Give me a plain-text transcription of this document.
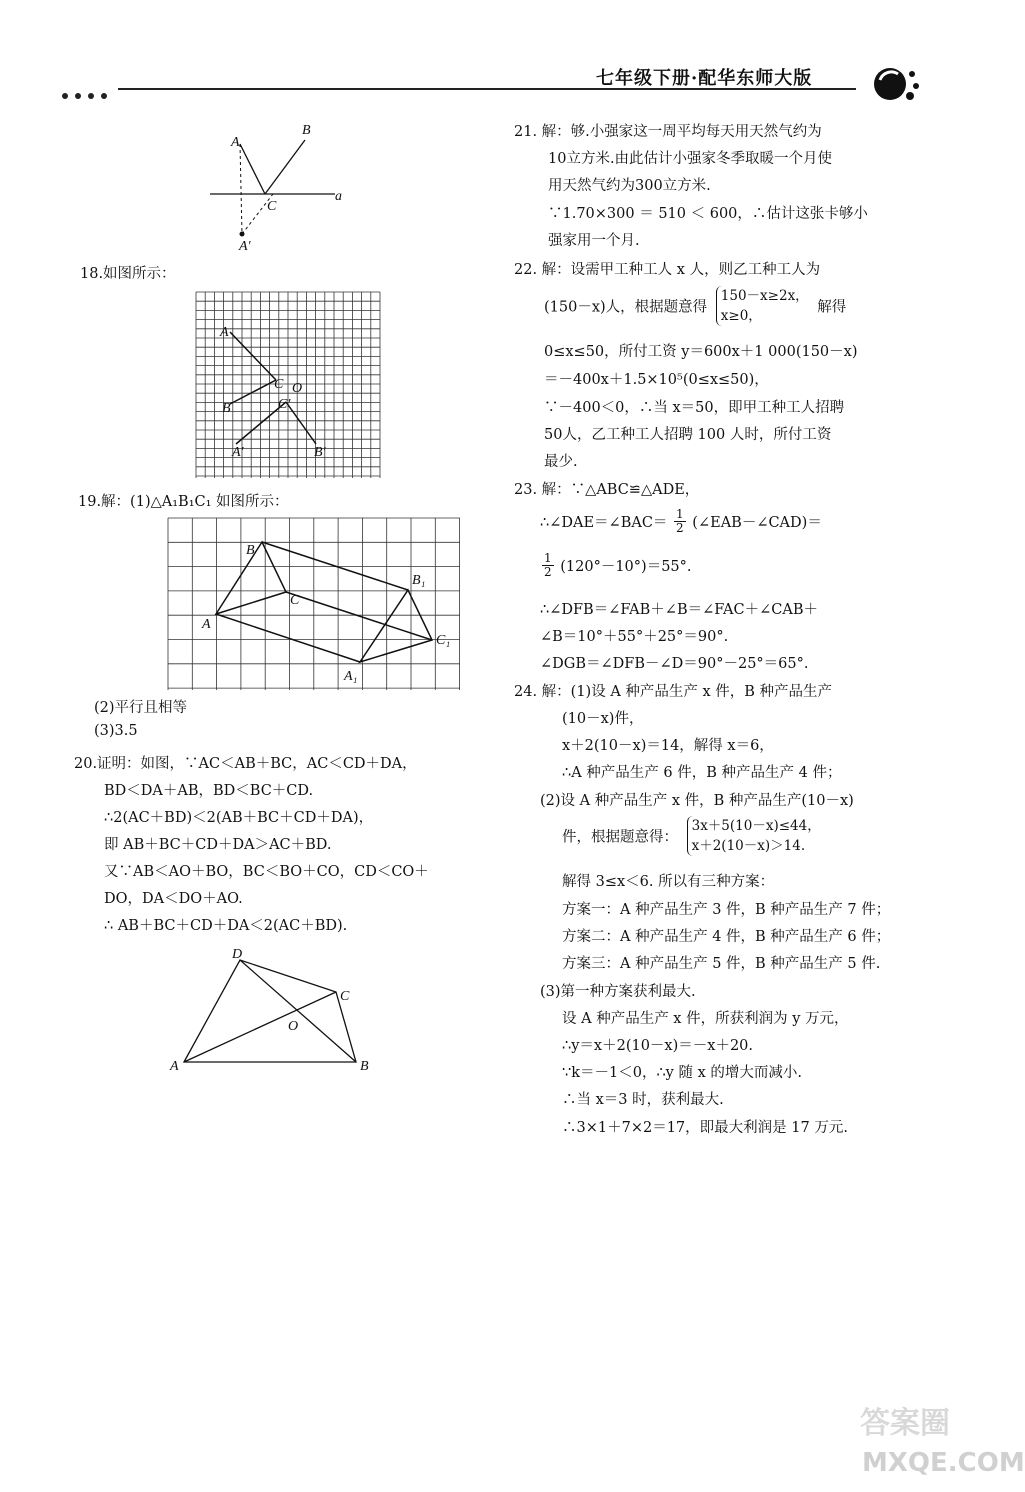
七年级下册·配华东师大版
A
B
C
A′
a
18.如图所示：
A
B
C O
C′
A′	B′
19.解：(1)△A₁B₁C₁ 如图所示：
A
B
C
A₁
B₁
C₁
(2)平行且相等
(3)3.5
20.证明：如图，∵AC＜AB＋BC，AC＜CD＋DA，
BD＜DA＋AB，BD＜BC＋CD.
∴2(AC＋BD)＜2(AB＋BC＋CD＋DA)，
即 AB＋BC＋CD＋DA＞AC＋BD.
又∵AB＜AO＋BO，BC＜BO＋CO，CD＜CO＋
DO，DA＜DO＋AO.
∴ AB＋BC＋CD＋DA＜2(AC＋BD).
A	B
C
D
O
21. 解：够.小强家这一周平均每天用天然气约为
10立方米.由此估计小强家冬季取暖一个月使
用天然气约为300立方米.
∵1.70×300 ＝ 510 ＜ 600，∴估计这张卡够小
强家用一个月.
22. 解：设需甲工种工人 x 人，则乙工种工人为
(150－x)人，根据题意得
150－x≥2x，
x≥0，
解得
0≤x≤50，所付工资 y＝600x＋1 000(150－x)
＝－400x＋1.5×10⁵(0≤x≤50)，
∵－400＜0，∴当 x＝50，即甲工种工人招聘
50人，乙工种工人招聘 100 人时，所付工资
最少.
23. 解：∵△ABC≌△ADE，
∴∠DAE＝∠BAC＝ $\frac{1}{2}$ (∠EAB－∠CAD)＝
$\frac{1}{2} (120^\circ-10^\circ)=55^\circ$.
∴∠DFB＝∠FAB＋∠B＝∠FAC＋∠CAB＋
∠B＝10°＋55°＋25°＝90°.
∠DGB＝∠DFB－∠D＝90°－25°＝65°.
24. 解：(1)设 A 种产品生产 x 件，B 种产品生产
(10－x)件，
x＋2(10－x)＝14，解得 x＝6，
∴A 种产品生产 6 件，B 种产品生产 4 件；
(2)设 A 种产品生产 x 件，B 种产品生产(10－x)
件，根据题意得：
3x＋5(10－x)≤44，
x＋2(10－x)＞14.
解得 3≤x＜6. 所以有三种方案：
方案一：A 种产品生产 3 件，B 种产品生产 7 件；
方案二：A 种产品生产 4 件，B 种产品生产 6 件；
方案三：A 种产品生产 5 件，B 种产品生产 5 件.
(3)第一种方案获利最大.
设 A 种产品生产 x 件，所获利润为 y 万元，
∴y＝x＋2(10－x)＝－x＋20.
∵k＝－1＜0，∴y 随 x 的增大而减小.
∴当 x＝3 时，获利最大.
∴3×1＋7×2＝17，即最大利润是 17 万元.
答案圈
MXQE.COM
